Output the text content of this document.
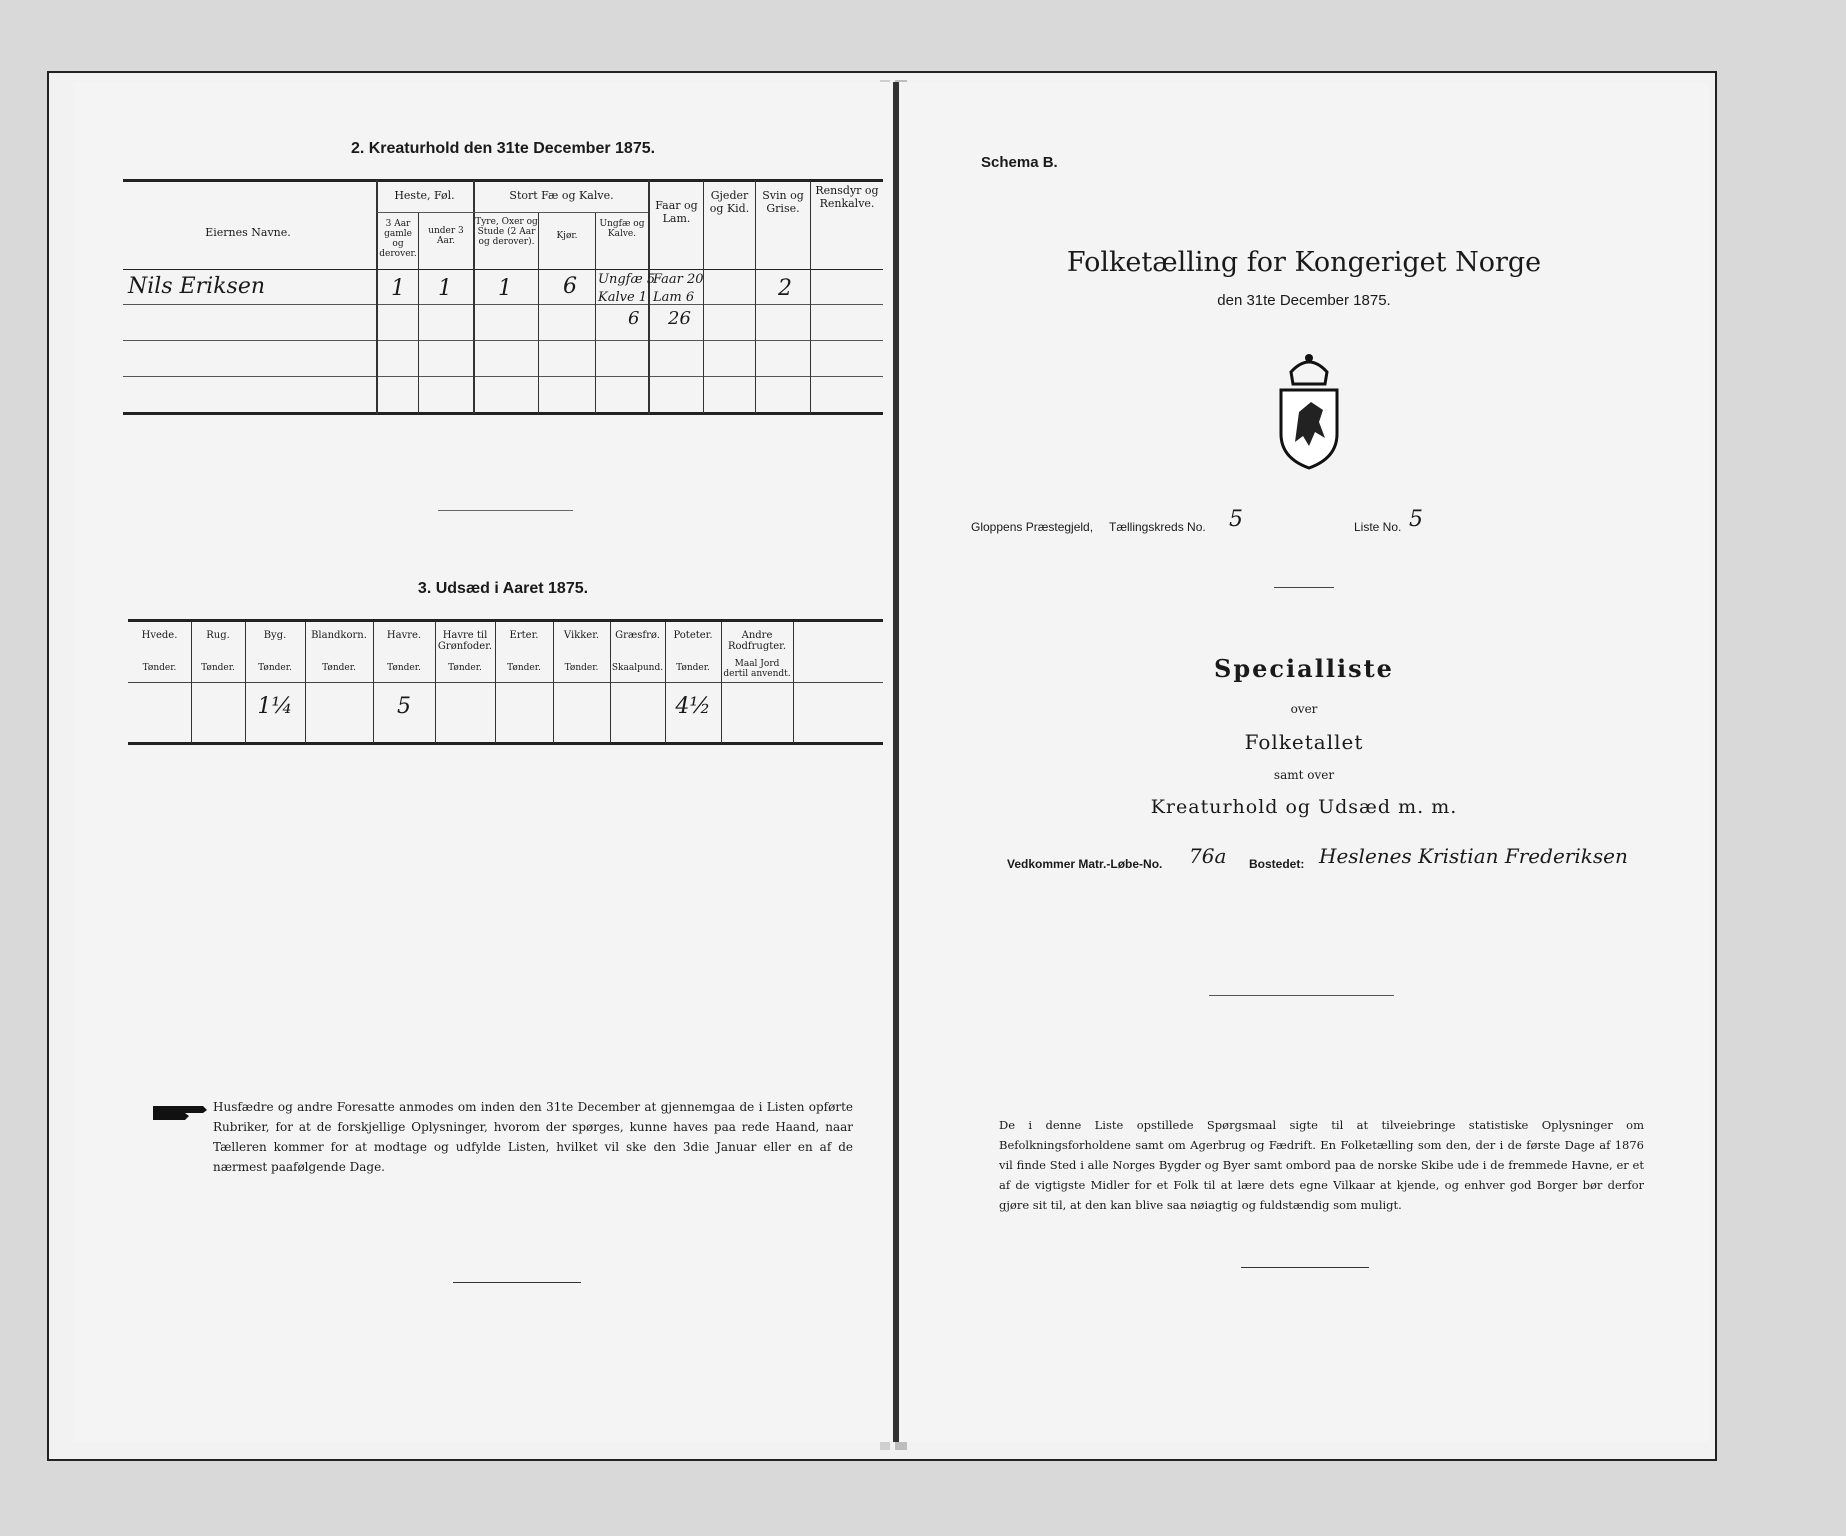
2. Kreaturhold den 31te December 1875.
Eiernes Navne.
Heste, Føl.
3 Aar gamle og derover.
under 3 Aar.
Stort Fæ og Kalve.
Tyre, Oxer og Stude (2 Aar og derover).
Kjør.
Ungfæ og Kalve.
Faar og Lam.
Gjeder og Kid.
Svin og Grise.
Rensdyr og Renkalve.
Nils Eriksen	1 1 1 6 Ungfæ 5
Kalve 1
6
Faar 20
Lam 6
26
2
3. Udsæd i Aaret 1875.
Husfædre og andre Foresatte anmodes om inden den 31te December at gjennemgaa de i Listen opførte Rubriker, for at de forskjellige Oplysninger, hvorom der spørges, kunne haves paa rede Haand, naar Tælleren kommer for at modtage og udfylde Listen, hvilket vil ske den 3die Januar eller en af de nærmest paafølgende Dage.
Hvede.
Tønder.
Rug.
Tønder.
Byg.
Tønder.
1¼
Blandkorn.
Tønder.
Havre.
Tønder.
5
Havre til Grønfoder.
Tønder.
Erter.
Tønder.
Vikker.
Tønder.
Græsfrø.
Skaalpund.
Poteter.
Tønder.
4½
Andre Rodfrugter.
Maal Jord dertil anvendt.
Schema B.
Folketælling for Kongeriget Norge
den 31te December 1875.
Gloppens Præstegjeld, Tællingskreds No. 5	Liste No. 5
Specialliste
over
Folketallet
samt over
Kreaturhold og Udsæd m. m.
Vedkommer Matr.-Løbe-No. 76a Bostedet: Heslenes Kristian Frederiksen
De i denne Liste opstillede Spørgsmaal sigte til at tilveiebringe statistiske Oplysninger om Befolkningsforholdene samt om Agerbrug og Fædrift. En Folketælling som den, der i de første Dage af 1876 vil finde Sted i alle Norges Bygder og Byer samt ombord paa de norske Skibe ude i de fremmede Havne, er et af de vigtigste Midler for et Folk til at lære dets egne Vilkaar at kjende, og enhver god Borger bør derfor gjøre sit til, at den kan blive saa nøiagtig og fuldstændig som muligt.
